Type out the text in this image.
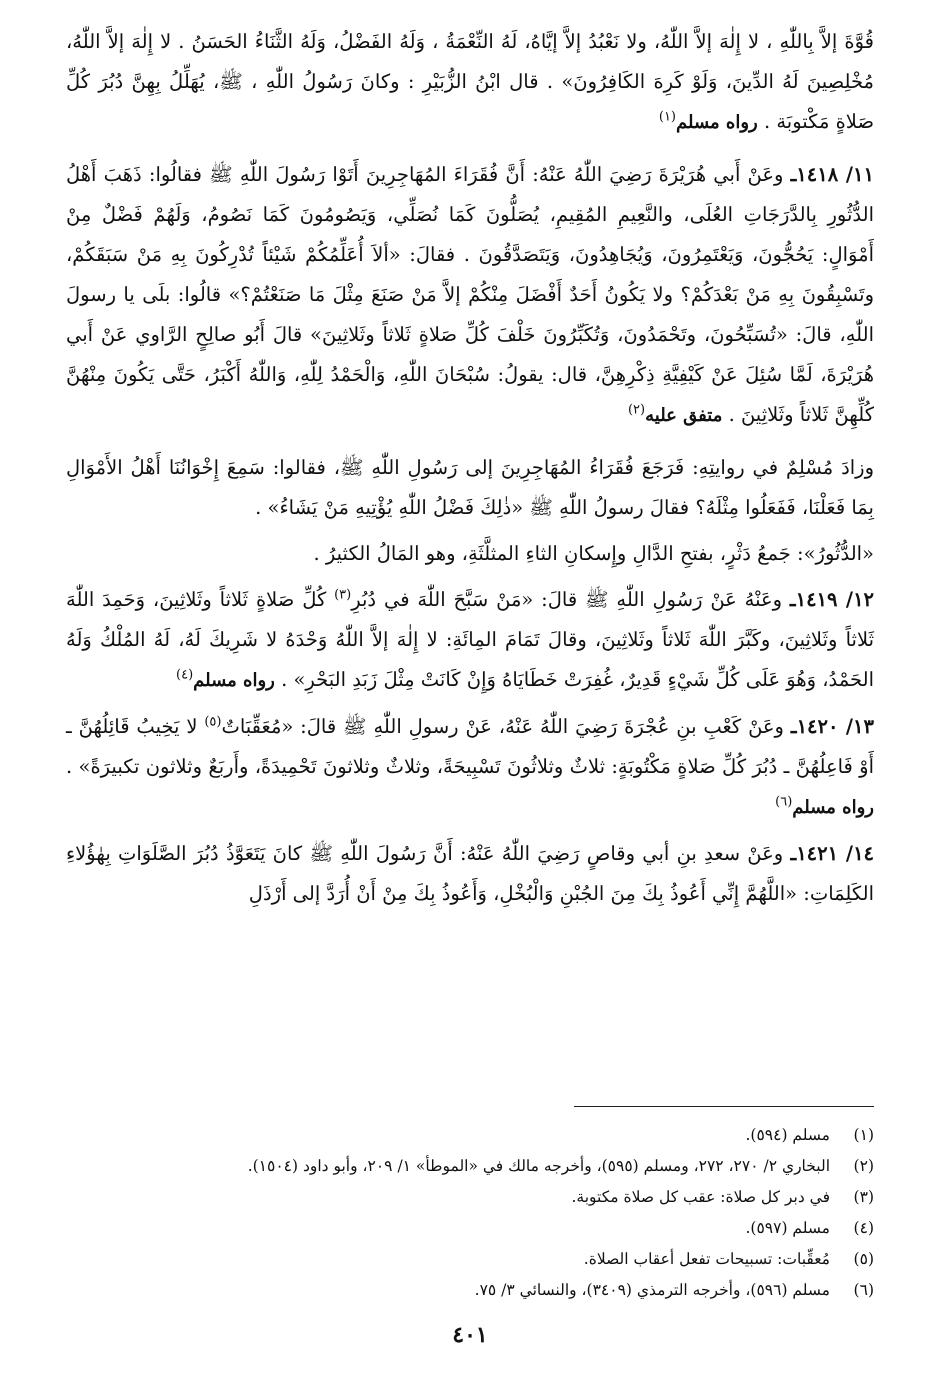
قُوَّةَ إلاَّ بِاللّٰهِ ، لا إِلٰهَ إلاَّ اللّٰهُ، ولا نَعْبُدُ إلاَّ إيَّاهُ، لَهُ النِّعْمَةُ ، وَلَهُ الفَضْلُ، وَلَهُ الثَّنَاءُ الحَسَنُ . لا إِلٰهَ إلاَّ اللّٰهُ، مُخْلِصِينَ لَهُ الدِّينَ، وَلَوْ كَرِهَ الكَافِرُونَ» . قال ابْنُ الزُّبَيْرِ : وكانَ رَسُولُ اللّٰهِ ، ﷺ، يُهَلِّلُ بِهِنَّ دُبُرَ كُلِّ صَلاةٍ مَكْتوبَة . رواه مسلم$^{(١)}$

١١/ ١٤١٨ـ وعَنْ أَبي هُرَيْرَةَ رَضِيَ اللّٰهُ عَنْهُ: أَنَّ فُقَرَاءَ المُهَاجِرِينَ أَتَوْا رَسُولَ اللّٰهِ ﷺ فقالُوا: ذَهَبَ أَهْلُ الدُّثُورِ بِالدَّرَجَاتِ العُلَى، والنَّعِيمِ المُقِيمِ، يُصَلُّونَ كَمَا نُصَلِّي، وَيَصُومُونَ كَمَا نَصُومُ، وَلَهُمْ فَضْلٌ مِنْ أَمْوَالٍ: يَحُجُّونَ، وَيَعْتَمِرُونَ، وَيُجَاهِدُونَ، وَيَتَصَدَّقُونَ . فقالَ: «ألاَ أُعَلِّمُكُمْ شَيْئاً تُدْرِكُونَ بِهِ مَنْ سَبَقَكُمْ، وتَسْبِقُونَ بِهِ مَنْ بَعْدَكُمْ؟ ولا يَكُونُ أَحَدٌ أَفْضَلَ مِنْكُمْ إلاَّ مَنْ صَنَعَ مِثْلَ مَا صَنَعْتُمْ؟» قالُوا: بلَى يا رسولَ اللّٰهِ، قالَ: «تُسَبِّحُونَ، وتَحْمَدُونَ، وَتُكَبِّرُونَ خَلْفَ كُلِّ صَلاةٍ ثَلاثاً وثَلاثِينَ» قالَ أَبُو صالِحٍ الرَّاوي عَنْ أَبي هُرَيْرَةَ، لَمَّا سُئِلَ عَنْ كَيْفِيَّةِ ذِكْرِهِنَّ، قال: يقولُ: سُبْحَانَ اللّٰهِ، وَالْحَمْدُ لِلّٰهِ، وَاللّٰهُ أَكْبَرُ، حَتَّى يَكُونَ مِنْهُنَّ كُلِّهِنَّ ثَلاثاً وثَلاثِينَ . متفق عليه$^{(٢)}$

وزادَ مُسْلِمٌ في روايتِهِ: فَرَجَعَ فُقَرَاءُ المُهَاجِرِينَ إلى رَسُولِ اللّٰهِ ﷺ، فقالوا: سَمِعَ إِخْوَانُنَا أَهْلُ الأَمْوَالِ بِمَا فَعَلْنَا، فَفَعَلُوا مِثْلَهُ؟ فقالَ رسولُ اللّٰهِ ﷺ «ذٰلِكَ فَضْلُ اللّٰهِ يُؤْتِيهِ مَنْ يَشَاءُ» .

«الدُّثُورُ»: جَمعُ دَثْرٍ، بفتحِ الدَّالِ وإِسكانِ الثاءِ المثلَّثَةِ، وهو المَالُ الكثيرُ .

١٢/ ١٤١٩ـ وعَنْهُ عَنْ رَسُولِ اللّٰهِ ﷺ قالَ: «مَنْ سَبَّحَ اللّٰهَ في دُبُرِ$^{(٣)}$ كُلِّ صَلاةٍ ثَلاثاً وثَلاثِينَ، وَحَمِدَ اللّٰهَ ثَلاثاً وثَلاثِينَ، وكَبَّرَ اللّٰهَ ثَلاثاً وثَلاثِينَ، وقالَ تَمَامَ المِائَةِ: لا إِلٰهَ إلاَّ اللّٰهُ وَحْدَهُ لا شَرِيكَ لَهُ، لَهُ المُلْكُ وَلَهُ الحَمْدُ، وَهُوَ عَلَى كُلِّ شَيْءٍ قَدِيرٌ، غُفِرَتْ خَطَايَاهُ وَإِنْ كَانَتْ مِثْلَ زَبَدِ البَحْرِ» . رواه مسلم$^{(٤)}$

١٣/ ١٤٢٠ـ وعَنْ كَعْبِ بنِ عُجْرَةَ رَضِيَ اللّٰهُ عَنْهُ، عَنْ رسولِ اللّٰهِ ﷺ قالَ: «مُعَقِّبَاتٌ$^{(٥)}$ لا يَخِيبُ قَائِلُهُنَّ ـ أَوْ فَاعِلُهُنَّ ـ دُبُرَ كُلِّ صَلاةٍ مَكْتُوبَةٍ: ثلاثٌ وثلاثُونَ تَسْبِيحَةً، وثلاثٌ وثلاثونَ تَحْمِيدَةً، وأَربَعٌ وثلاثون تكبيرَةً» . رواه مسلم$^{(٦)}$

١٤/ ١٤٢١ـ وعَنْ سعدِ بنِ أبي وقاصٍ رَضِيَ اللّٰهُ عَنْهُ: أَنَّ رَسُولَ اللّٰهِ ﷺ كانَ يَتَعَوَّذُ دُبُرَ الصَّلَوَاتِ بِهٰؤُلاءِ الكَلِمَاتِ: «اللَّهُمَّ إِنِّي أَعُوذُ بِكَ مِنَ الجُبْنِ وَالْبُخْلِ، وَأَعُوذُ بِكَ مِنْ أَنْ أُرَدَّ إلى أَرْذَلِ

(١)مسلم (٥٩٤).
(٢)البخاري ٢/ ٢٧٠، ٢٧٢، ومسلم (٥٩٥)، وأخرجه مالك في «الموطأ» ١/ ٢٠٩، وأبو داود (١٥٠٤).
(٣)في دبر كل صلاة: عقب كل صلاة مكتوبة.
(٤)مسلم (٥٩٧).
(٥)مُعقِّبات: تسبيحات تفعل أعقاب الصلاة.
(٦)مسلم (٥٩٦)، وأخرجه الترمذي (٣٤٠٩)، والنسائي ٣/ ٧٥.
٤٠١
